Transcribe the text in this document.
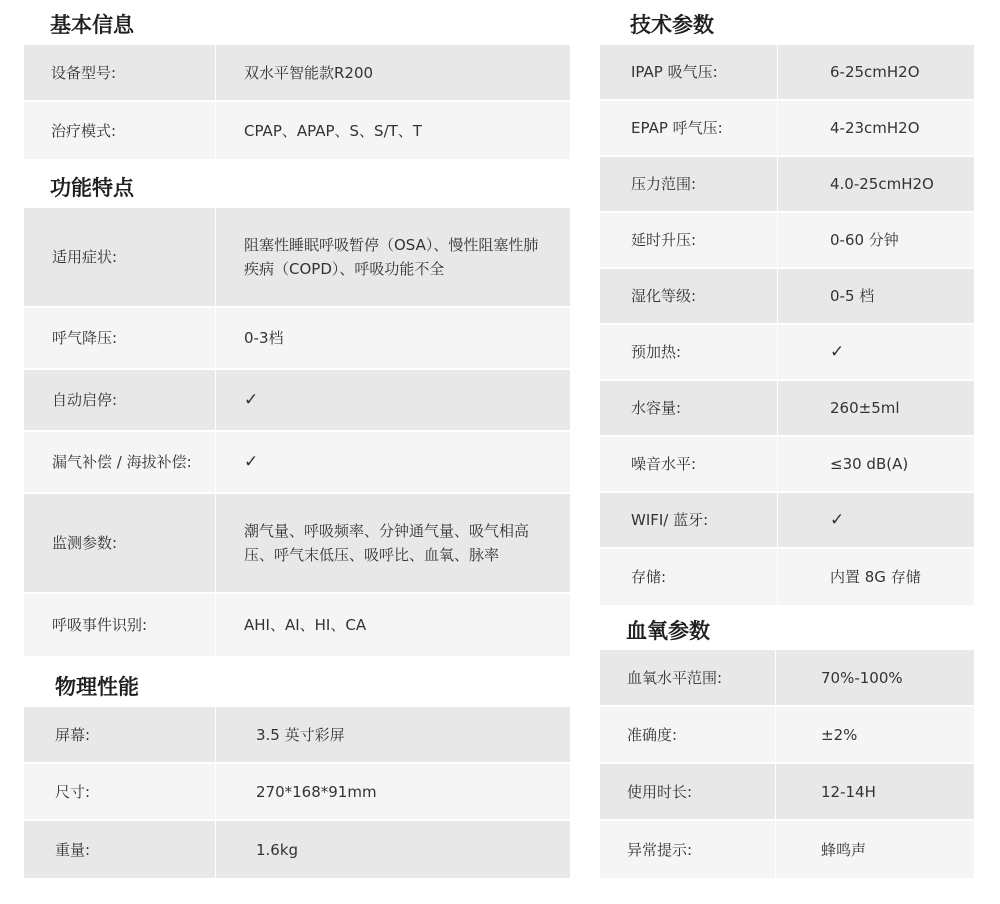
基本信息
功能特点
物理性能
技术参数
血氧参数
设备型号:	双水平智能款R200
治疗模式:	CPAP、APAP、S、S/T、T
适用症状:
阻塞性睡眠呼吸暂停（OSA）、慢性阻塞性肺疾病（COPD）、呼吸功能不全
呼气降压:	0-3档
自动启停:	✓
漏气补偿 / 海拔补偿:	✓
监测参数:
潮气量、呼吸频率、分钟通气量、吸气相高压、呼气末低压、吸呼比、血氧、脉率
呼吸事件识别:	AHI、AI、HI、CA
屏幕:	3.5 英寸彩屏
尺寸:	270*168*91mm
重量:	1.6kg
IPAP 吸气压:	6-25cmH2O
EPAP 呼气压:	4-23cmH2O
压力范围:	4.0-25cmH2O
延时升压:	0-60 分钟
湿化等级:	0-5 档
预加热:	✓
水容量:	260±5ml
噪音水平:	≤30 dB(A)
WIFI/ 蓝牙:	✓
存储:	内置 8G 存储
血氧水平范围:	70%-100%
准确度:	±2%
使用时长:	12-14H
异常提示:	蜂鸣声
